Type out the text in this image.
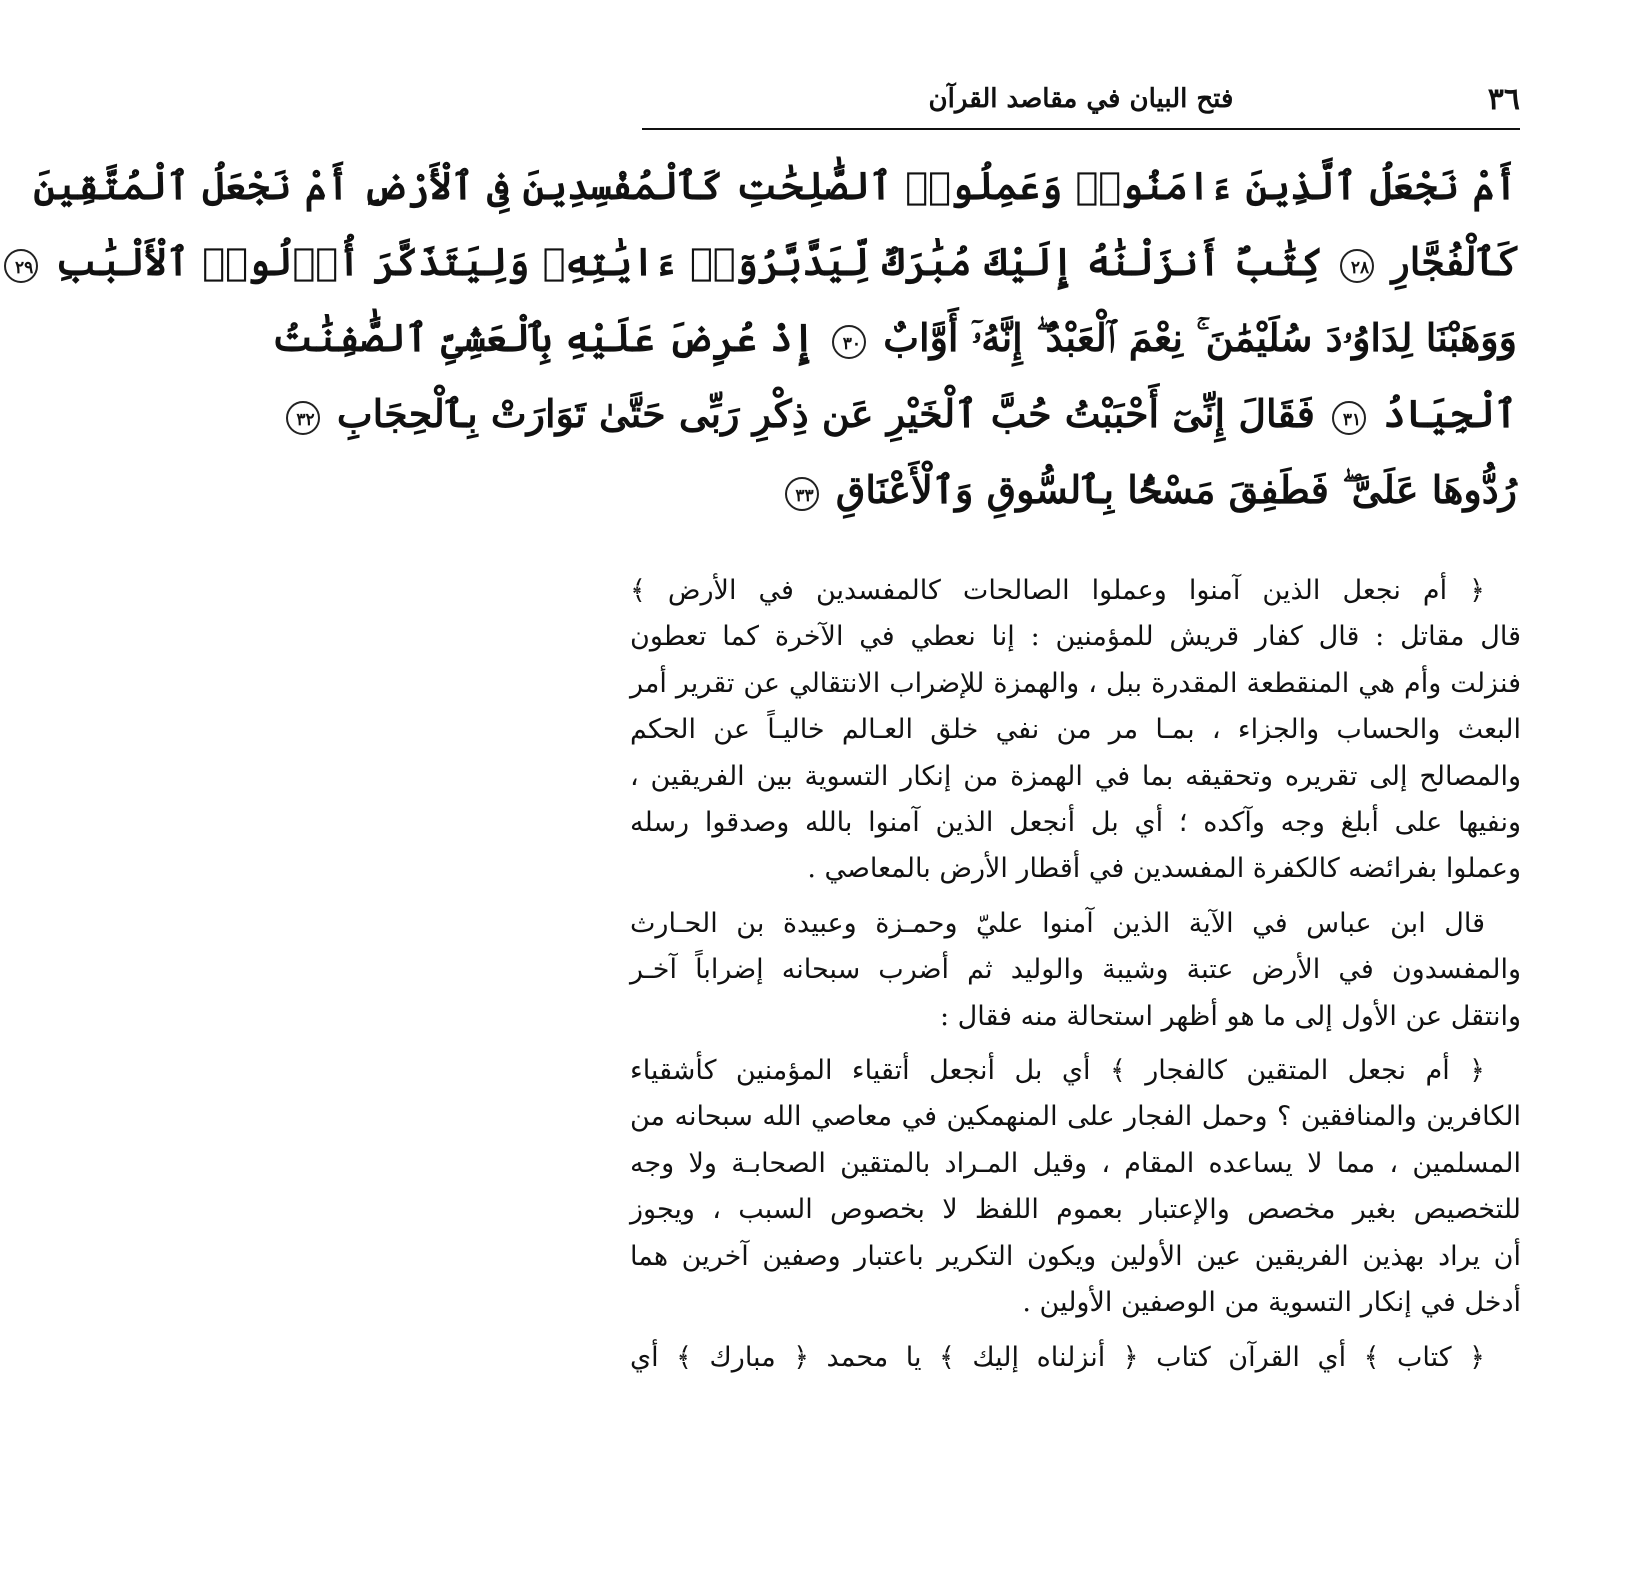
٣٦
فتح البيان في مقاصد القرآن
أَمْ نَجْعَلُ ٱلَّذِينَ ءَامَنُوا۟ وَعَمِلُوا۟ ٱلصَّٰلِحَٰتِ كَٱلْمُفْسِدِينَ فِى ٱلْأَرْضِ أَمْ نَجْعَلُ ٱلْمُتَّقِينَ
كَٱلْفُجَّارِ ٢٨ كِتَٰبٌ أَنزَلْنَٰهُ إِلَيْكَ مُبَٰرَكٌ لِّيَدَّبَّرُوٓا۟ ءَايَٰتِهِۦ وَلِيَتَذَكَّرَ أُو۟لُوا۟ ٱلْأَلْبَٰبِ ٢٩
وَوَهَبْنَا لِدَاوُۥدَ سُلَيْمَٰنَ ۚ نِعْمَ ٱلْعَبْدُ ۖ إِنَّهُۥٓ أَوَّابٌ ٣٠ إِذْ عُرِضَ عَلَيْهِ بِٱلْعَشِىِّ ٱلصَّٰفِنَٰتُ
ٱلْجِيَادُ ٣١ فَقَالَ إِنِّىٓ أَحْبَبْتُ حُبَّ ٱلْخَيْرِ عَن ذِكْرِ رَبِّى حَتَّىٰ تَوَارَتْ بِٱلْحِجَابِ ٣٢
رُدُّوهَا عَلَىَّ ۖ فَطَفِقَ مَسْحًۢا بِٱلسُّوقِ وَٱلْأَعْنَاقِ ٣٣
﴿ أم نجعل الذين آمنوا وعملوا الصالحات كالمفسدين في الأرض ﴾
قال مقاتل : قال كفار قريش للمؤمنين : إنا نعطي في الآخرة كما تعطون
فنزلت وأم هي المنقطعة المقدرة ببل ، والهمزة للإضراب الانتقالي عن تقرير أمر
البعث والحساب والجزاء ، بمـا مر من نفي خلق العـالم خاليـاً عن الحكم
والمصالح إلى تقريره وتحقيقه بما في الهمزة من إنكار التسوية بين الفريقين ،
ونفيها على أبلغ وجه وآكده ؛ أي بل أنجعل الذين آمنوا بالله وصدقوا رسله
وعملوا بفرائضه كالكفرة المفسدين في أقطار الأرض بالمعاصي .
قال ابن عباس في الآية الذين آمنوا عليّ وحمـزة وعبيدة بن الحـارث
والمفسدون في الأرض عتبة وشيبة والوليد ثم أضرب سبحانه إضراباً آخـر
وانتقل عن الأول إلى ما هو أظهر استحالة منه فقال :
﴿ أم نجعل المتقين كالفجار ﴾ أي بل أنجعل أتقياء المؤمنين كأشقياء
الكافرين والمنافقين ؟ وحمل الفجار على المنهمكين في معاصي الله سبحانه من
المسلمين ، مما لا يساعده المقام ، وقيل المـراد بالمتقين الصحابـة ولا وجه
للتخصيص بغير مخصص والإعتبار بعموم اللفظ لا بخصوص السبب ، ويجوز
أن يراد بهذين الفريقين عين الأولين ويكون التكرير باعتبار وصفين آخرين هما
أدخل في إنكار التسوية من الوصفين الأولين .
﴿ كتاب ﴾ أي القرآن كتاب ﴿ أنزلناه إليك ﴾ يا محمد ﴿ مبارك ﴾ أي
